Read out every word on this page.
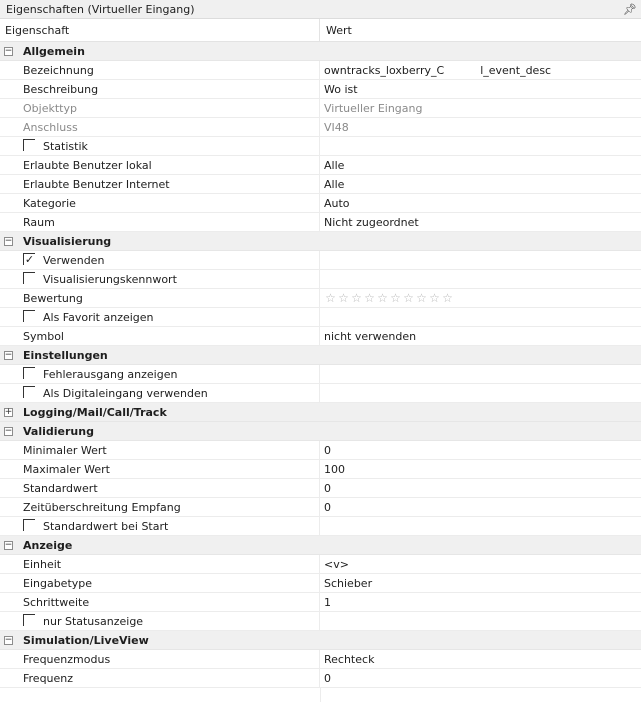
Eigenschaften (Virtueller Eingang)	📌︎
Eigenschaft	Wert
− Allgemein
Bezeichnung	owntracks_loxberry_C	l_event_desc
Beschreibung	Wo ist
Objekttyp	Virtueller Eingang
Anschluss	VI48
Statistik
Erlaubte Benutzer lokal	Alle
Erlaubte Benutzer Internet	Alle
Kategorie	Auto
Raum	Nicht zugeordnet
− Visualisierung
✓ Verwenden
Visualisierungskennwort
Bewertung	☆ ☆ ☆ ☆ ☆ ☆ ☆ ☆ ☆ ☆
Als Favorit anzeigen
Symbol	nicht verwenden
− Einstellungen
Fehlerausgang anzeigen
Als Digitaleingang verwenden
+ Logging/Mail/Call/Track
− Validierung
Minimaler Wert	0
Maximaler Wert	100
Standardwert	0
Zeitüberschreitung Empfang	0
Standardwert bei Start
− Anzeige
Einheit	<v>
Eingabetype	Schieber
Schrittweite	1
nur Statusanzeige
− Simulation/LiveView
Frequenzmodus	Rechteck
Frequenz	0
